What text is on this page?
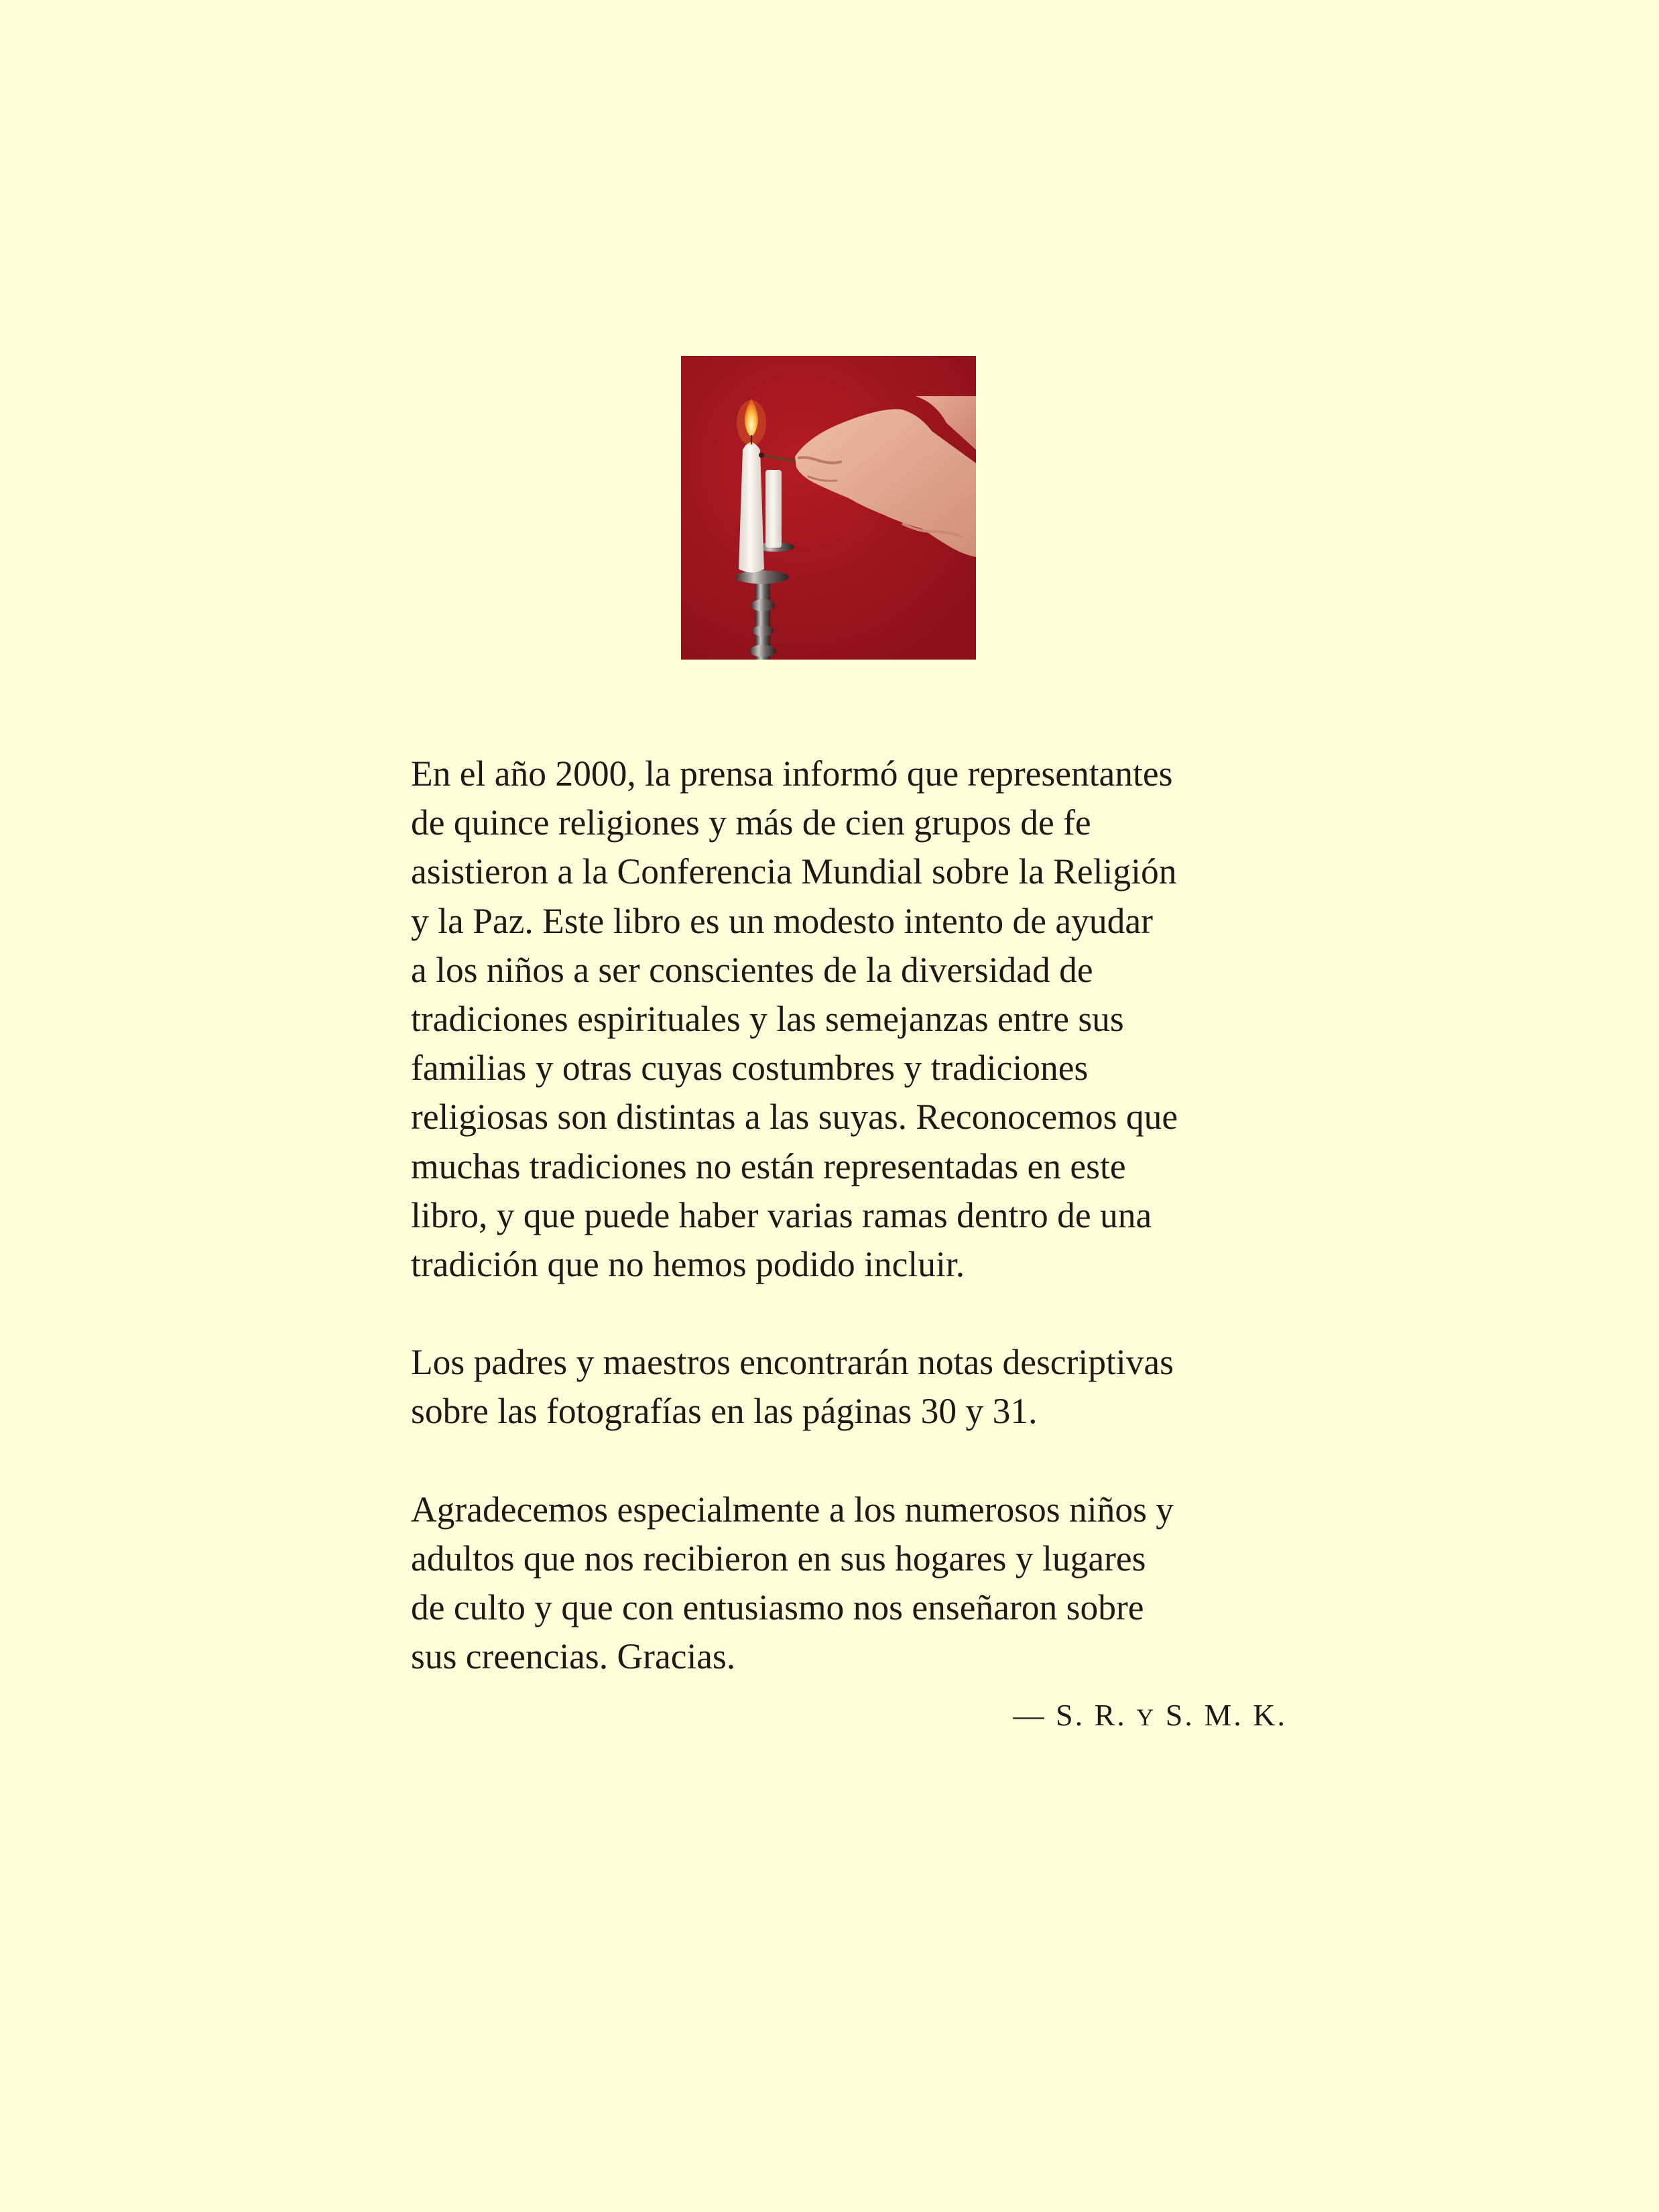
En el año 2000, la prensa informó que representantes
de quince religiones y más de cien grupos de fe
asistieron a la Conferencia Mundial sobre la Religión
y la Paz. Este libro es un modesto intento de ayudar
a los niños a ser conscientes de la diversidad de
tradiciones espirituales y las semejanzas entre sus
familias y otras cuyas costumbres y tradiciones
religiosas son distintas a las suyas. Reconocemos que
muchas tradiciones no están representadas en este
libro, y que puede haber varias ramas dentro de una
tradición que no hemos podido incluir.

Los padres y maestros encontrarán notas descriptivas
sobre las fotografías en las páginas 30 y 31.

Agradecemos especialmente a los numerosos niños y
adultos que nos recibieron en sus hogares y lugares
de culto y que con entusiasmo nos enseñaron sobre
sus creencias. Gracias.

— S. R. Y S. M. K.
